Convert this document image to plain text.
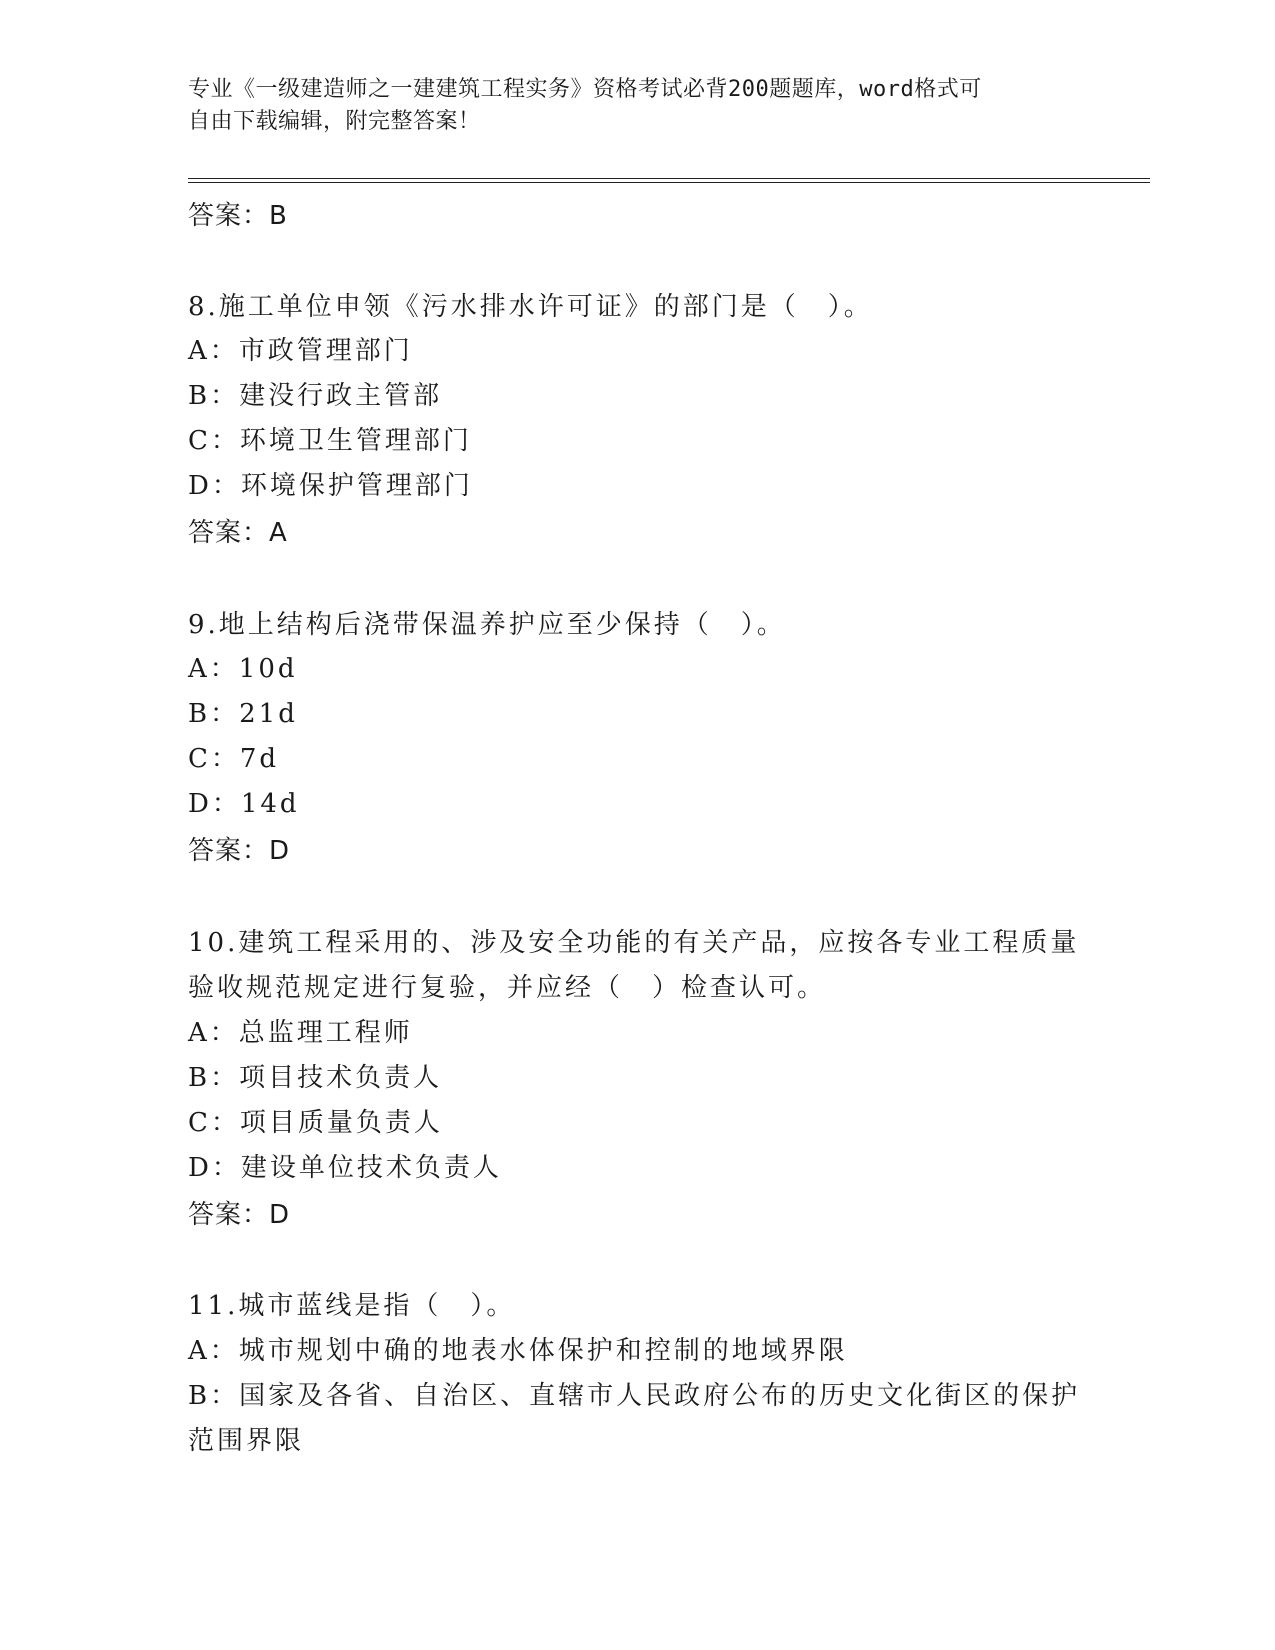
专业《一级建造师之一建建筑工程实务》资格考试必背200题题库，word格式可
自由下载编辑，附完整答案！
答案：B
8.施工单位申领《污水排水许可证》的部门是（　）。
A：市政管理部门
B：建没行政主管部
C：环境卫生管理部门
D：环境保护管理部门
答案：A
9.地上结构后浇带保温养护应至少保持（　）。
A：10d
B：21d
C：7d
D：14d
答案：D
10.建筑工程采用的、涉及安全功能的有关产品，应按各专业工程质量
验收规范规定进行复验，并应经（　）检查认可。
A：总监理工程师
B：项目技术负责人
C：项目质量负责人
D：建设单位技术负责人
答案：D
11.城市蓝线是指（　）。
A：城市规划中确的地表水体保护和控制的地域界限
B：国家及各省、自治区、直辖市人民政府公布的历史文化街区的保护
范围界限
